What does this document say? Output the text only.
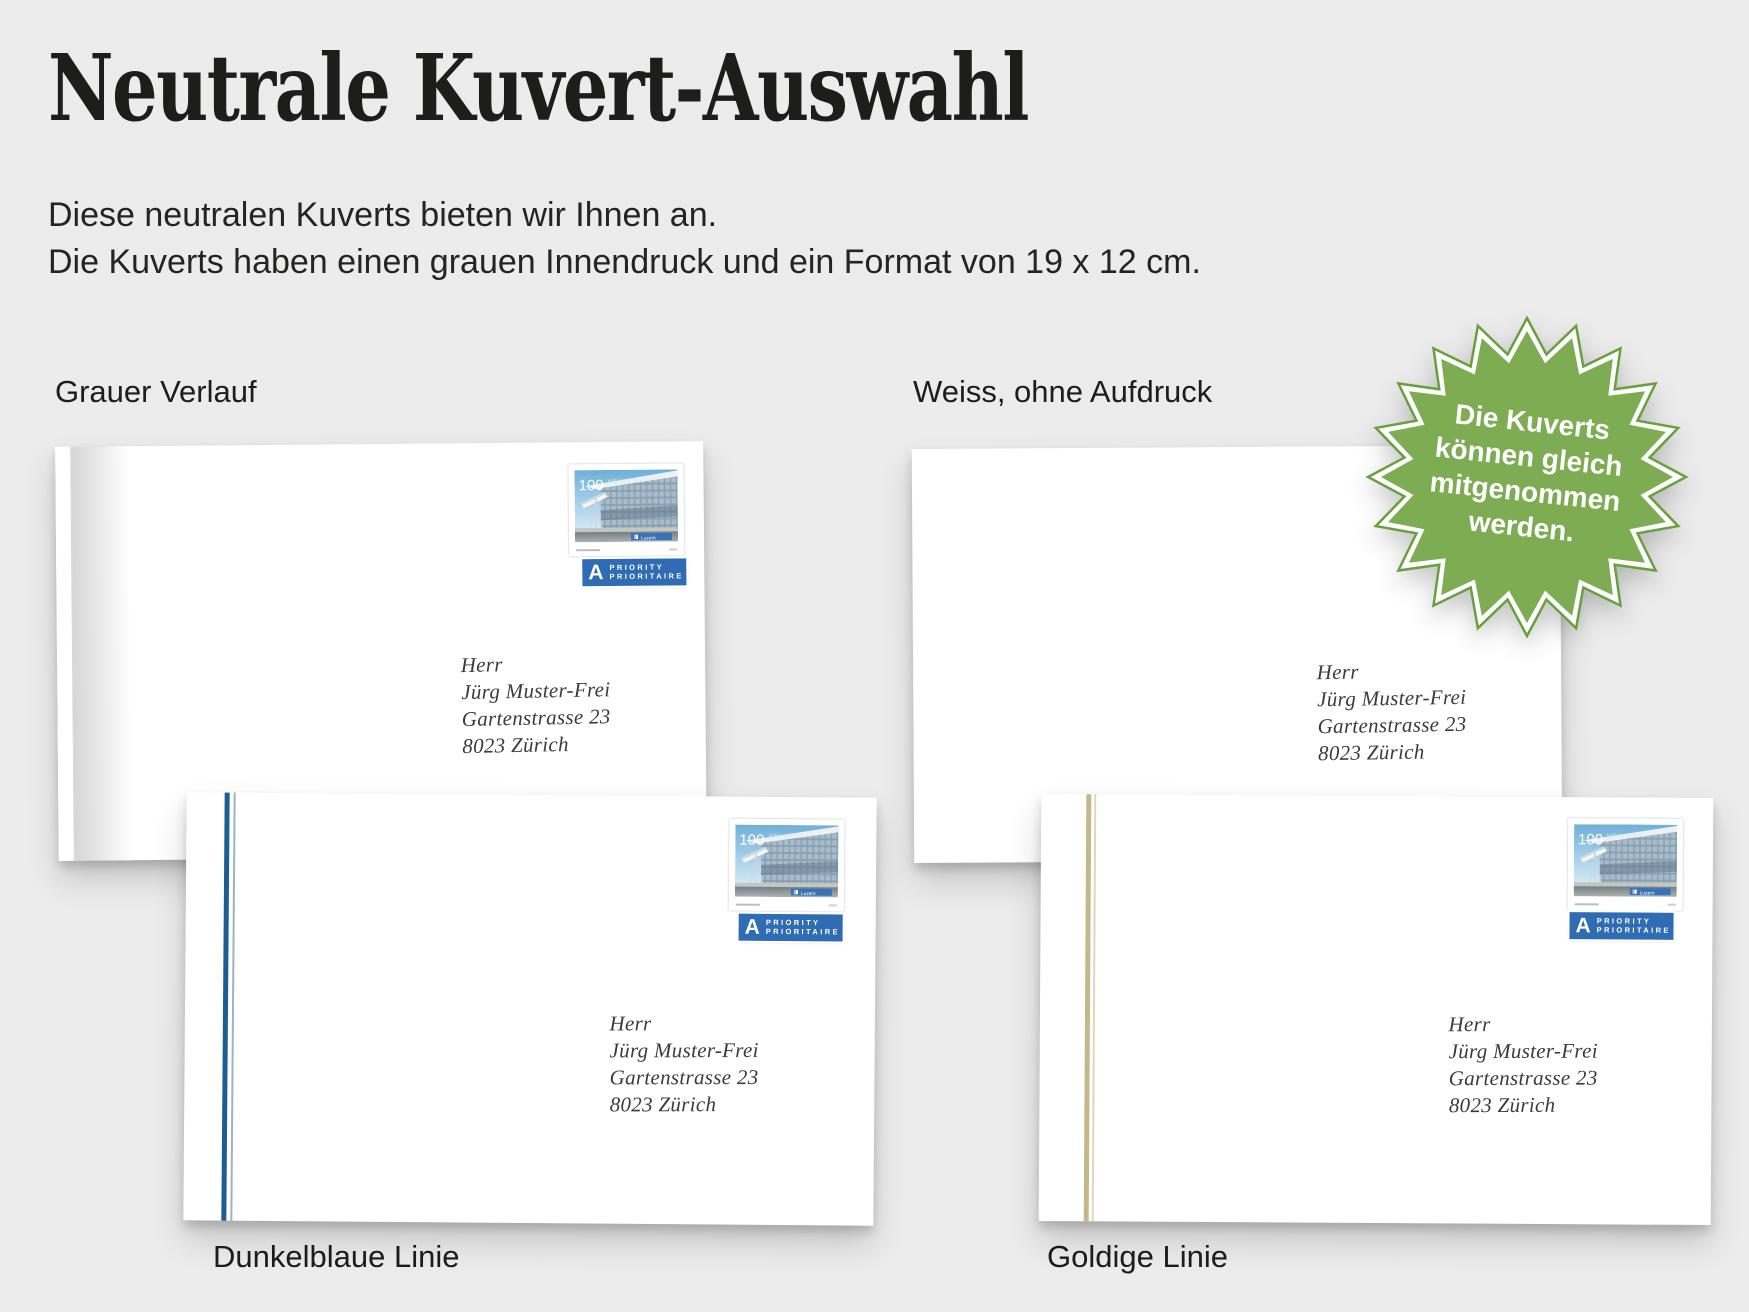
Neutrale Kuvert-Auswahl
Diese neutralen Kuverts bieten wir Ihnen an.
Die Kuverts haben einen grauen Innendruck und ein Format von 19 x 12 cm.
Grauer Verlauf	Weiss, ohne Aufdruck
Dunkelblaue Linie	Goldige Linie
Luzern
100 HELVETIA
A PRIORITY
PRIORITAIRE
Herr
Jürg Muster-Frei
Gartenstrasse 23
8023 Zürich
Herr
Jürg Muster-Frei
Gartenstrasse 23
8023 Zürich
Luzern
100 HELVETIA
A PRIORITY
PRIORITAIRE
Herr
Jürg Muster-Frei
Gartenstrasse 23
8023 Zürich
Luzern
100 HELVETIA
A PRIORITY
PRIORITAIRE
Herr
Jürg Muster-Frei
Gartenstrasse 23
8023 Zürich
Die Kuverts können gleich mitgenommen werden.
